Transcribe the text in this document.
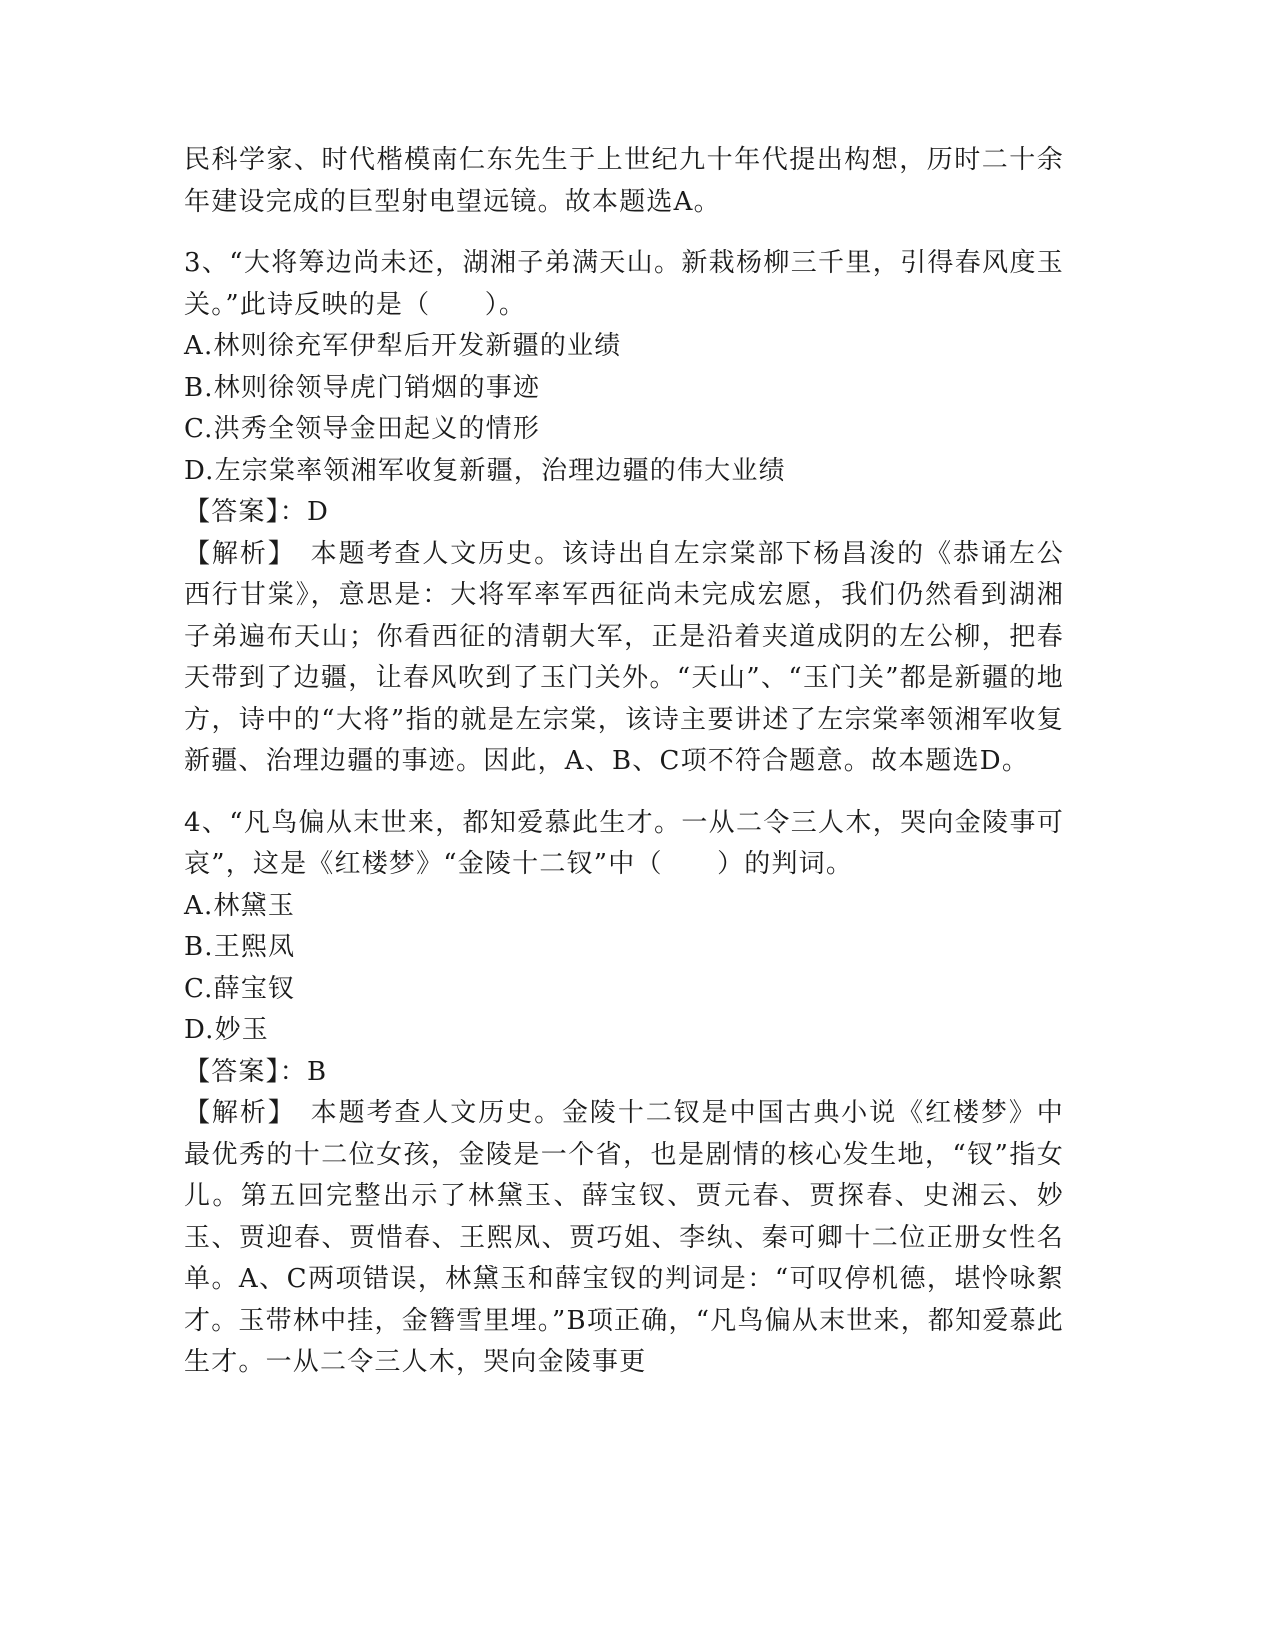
民科学家、时代楷模南仁东先生于上世纪九十年代提出构想，历时二十余年建设完成的巨型射电望远镜。故本题选A。

3、“大将筹边尚未还，湖湘子弟满天山。新栽杨柳三千里，引得春风度玉关。”此诗反映的是（　　）。

A.林则徐充军伊犁后开发新疆的业绩

B.林则徐领导虎门销烟的事迹

C.洪秀全领导金田起义的情形

D.左宗棠率领湘军收复新疆，治理边疆的伟大业绩

【答案】：D

【解析】　本题考查人文历史。该诗出自左宗棠部下杨昌浚的《恭诵左公西行甘棠》，意思是：大将军率军西征尚未完成宏愿，我们仍然看到湖湘子弟遍布天山；你看西征的清朝大军，正是沿着夹道成阴的左公柳，把春天带到了边疆，让春风吹到了玉门关外。“天山”、“玉门关”都是新疆的地方，诗中的“大将”指的就是左宗棠，该诗主要讲述了左宗棠率领湘军收复新疆、治理边疆的事迹。因此，A、B、C项不符合题意。故本题选D。

4、“凡鸟偏从末世来，都知爱慕此生才。一从二令三人木，哭向金陵事可哀”，这是《红楼梦》“金陵十二钗”中（　　）的判词。

A.林黛玉

B.王熙凤

C.薛宝钗

D.妙玉

【答案】：B

【解析】　本题考查人文历史。金陵十二钗是中国古典小说《红楼梦》中最优秀的十二位女孩，金陵是一个省，也是剧情的核心发生地，“钗”指女儿。第五回完整出示了林黛玉、薛宝钗、贾元春、贾探春、史湘云、妙玉、贾迎春、贾惜春、王熙凤、贾巧姐、李纨、秦可卿十二位正册女性名单。A、C两项错误，林黛玉和薛宝钗的判词是：“可叹停机德，堪怜咏絮才。玉带林中挂，金簪雪里埋。”B项正确，“凡鸟偏从末世来，都知爱慕此生才。一从二令三人木，哭向金陵事更
